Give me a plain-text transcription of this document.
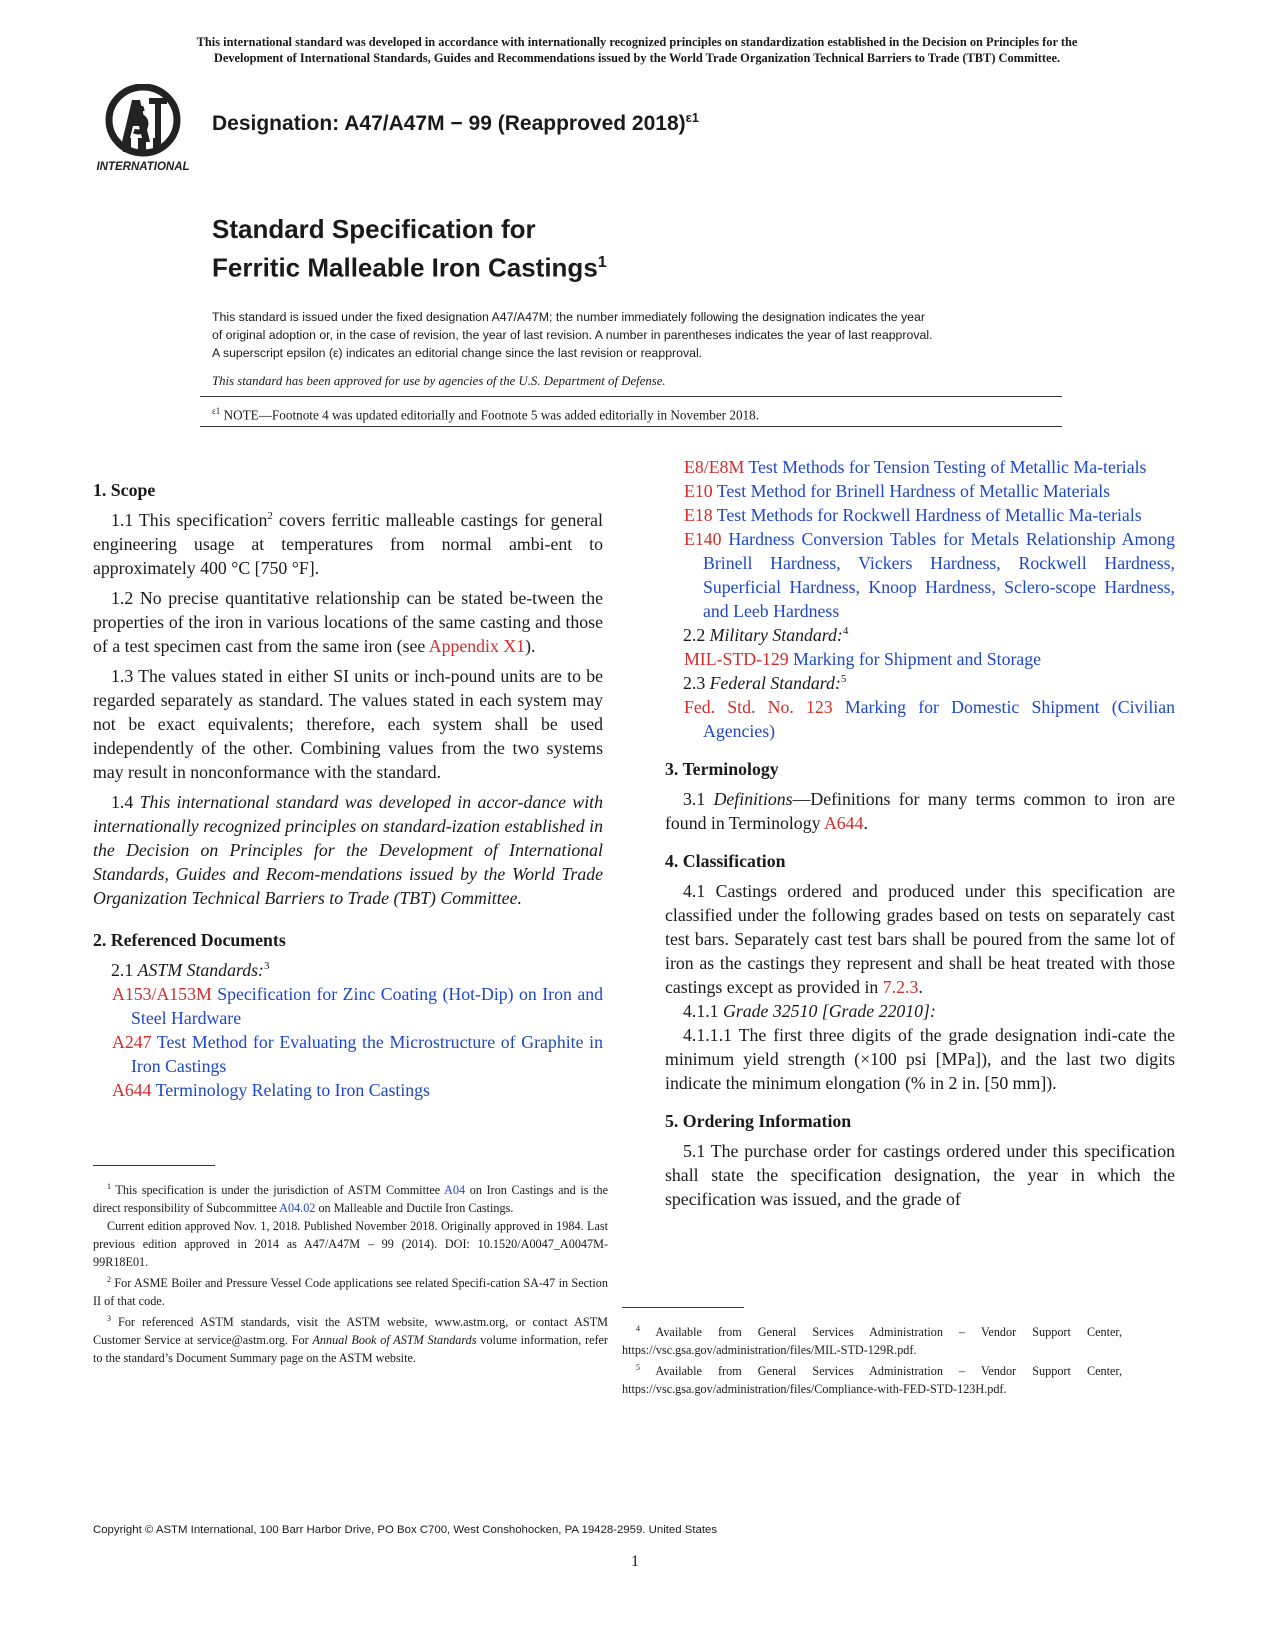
This international standard was developed in accordance with internationally recognized principles on standardization established in the Decision on Principles for the
Development of International Standards, Guides and Recommendations issued by the World Trade Organization Technical Barriers to Trade (TBT) Committee.
INTERNATIONAL
Designation: A47/A47M − 99 (Reapproved 2018)$^{\varepsilon 1}$
Standard Specification for
Ferritic Malleable Iron Castings$^1$
This standard is issued under the fixed designation A47/A47M; the number immediately following the designation indicates the year
of original adoption or, in the case of revision, the year of last revision. A number in parentheses indicates the year of last reapproval.
A superscript epsilon (ε) indicates an editorial change since the last revision or reapproval.
This standard has been approved for use by agencies of the U.S. Department of Defense.
$^{\varepsilon 1}$ NOTE—Footnote 4 was updated editorially and Footnote 5 was added editorially in November 2018.
1. Scope

1.1 This specification$^2$ covers ferritic malleable castings for general engineering usage at temperatures from normal ambi-ent to approximately 400 °C [750 °F].

1.2 No precise quantitative relationship can be stated be-tween the properties of the iron in various locations of the same casting and those of a test specimen cast from the same iron (see Appendix X1).

1.3 The values stated in either SI units or inch-pound units are to be regarded separately as standard. The values stated in each system may not be exact equivalents; therefore, each system shall be used independently of the other. Combining values from the two systems may result in nonconformance with the standard.

1.4 This international standard was developed in accor-dance with internationally recognized principles on standard-ization established in the Decision on Principles for the Development of International Standards, Guides and Recom-mendations issued by the World Trade Organization Technical Barriers to Trade (TBT) Committee.

2. Referenced Documents

2.1 ASTM Standards:$^3$

A153/A153M Specification for Zinc Coating (Hot-Dip) on Iron and Steel Hardware
A247 Test Method for Evaluating the Microstructure of Graphite in Iron Castings
A644 Terminology Relating to Iron Castings
E8/E8M Test Methods for Tension Testing of Metallic Ma-terials
E10 Test Method for Brinell Hardness of Metallic Materials
E18 Test Methods for Rockwell Hardness of Metallic Ma-terials
E140 Hardness Conversion Tables for Metals Relationship Among Brinell Hardness, Vickers Hardness, Rockwell Hardness, Superficial Hardness, Knoop Hardness, Sclero-scope Hardness, and Leeb Hardness

2.2 Military Standard:$^4$

MIL-STD-129 Marking for Shipment and Storage

2.3 Federal Standard:$^5$

Fed. Std. No. 123 Marking for Domestic Shipment (Civilian Agencies)
3. Terminology

3.1 Definitions—Definitions for many terms common to iron are found in Terminology A644.

4. Classification

4.1 Castings ordered and produced under this specification are classified under the following grades based on tests on separately cast test bars. Separately cast test bars shall be poured from the same lot of iron as the castings they represent and shall be heat treated with those castings except as provided in 7.2.3.

4.1.1 Grade 32510 [Grade 22010]:

4.1.1.1 The first three digits of the grade designation indi-cate the minimum yield strength (×100 psi [MPa]), and the last two digits indicate the minimum elongation (% in 2 in. [50 mm]).

5. Ordering Information

5.1 The purchase order for castings ordered under this specification shall state the specification designation, the year in which the specification was issued, and the grade of

$^1$ This specification is under the jurisdiction of ASTM Committee A04 on Iron Castings and is the direct responsibility of Subcommittee A04.02 on Malleable and Ductile Iron Castings.

Current edition approved Nov. 1, 2018. Published November 2018. Originally approved in 1984. Last previous edition approved in 2014 as A47/A47M – 99 (2014). DOI: 10.1520/A0047_A0047M-99R18E01.

$^2$ For ASME Boiler and Pressure Vessel Code applications see related Specifi-cation SA-47 in Section II of that code.

$^3$ For referenced ASTM standards, visit the ASTM website, www.astm.org, or contact ASTM Customer Service at service@astm.org. For Annual Book of ASTM Standards volume information, refer to the standard’s Document Summary page on the ASTM website.

$^4$ Available from General Services Administration – Vendor Support Center, https://vsc.gsa.gov/administration/files/MIL-STD-129R.pdf.

$^5$ Available from General Services Administration – Vendor Support Center, https://vsc.gsa.gov/administration/files/Compliance-with-FED-STD-123H.pdf.

Copyright © ASTM International, 100 Barr Harbor Drive, PO Box C700, West Conshohocken, PA 19428-2959. United States
1
